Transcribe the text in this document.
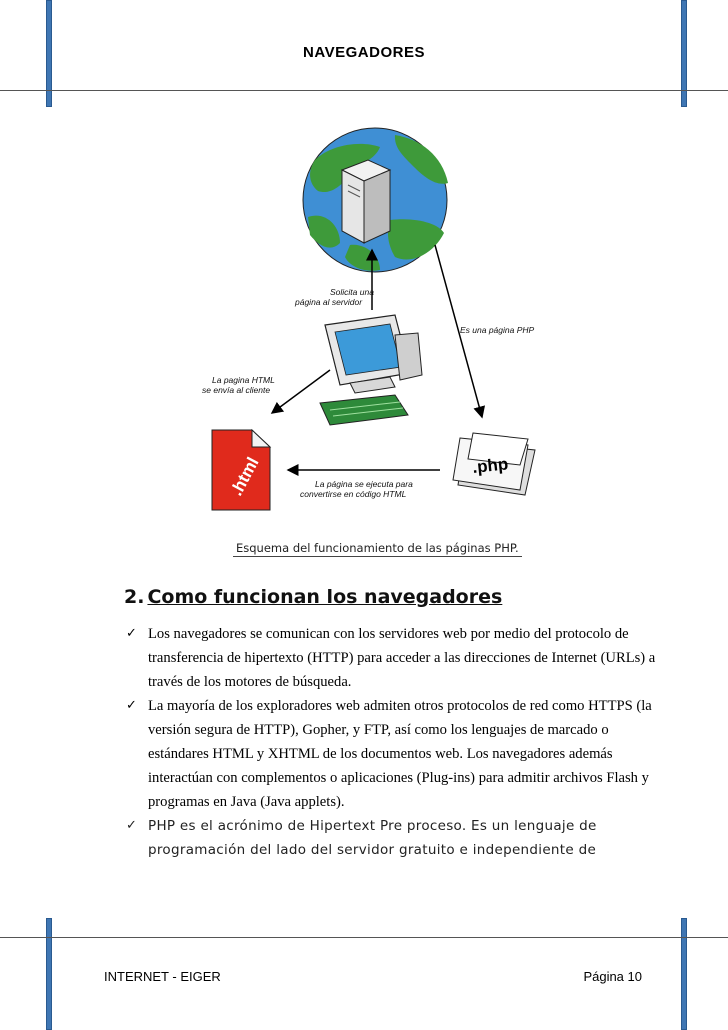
NAVEGADORES
Solicita una
página al servidor
Es una página PHP
La pagina HTML
se envía al cliente
.html	.php
La página se ejecuta para
convertirse en código HTML
Esquema del funcionamiento de las páginas PHP.
2. Como funcionan los navegadores
✓ Los navegadores se comunican con los servidores web por medio del protocolo de transferencia de hipertexto (HTTP) para acceder a las direcciones de Internet (URLs) a través de los motores de búsqueda.
✓ La mayoría de los exploradores web admiten otros protocolos de red como HTTPS (la versión segura de HTTP), Gopher, y FTP, así como los lenguajes de marcado o estándares HTML y XHTML de los documentos web. Los navegadores además interactúan con complementos o aplicaciones (Plug-ins) para admitir archivos Flash y programas en Java (Java applets).
✓ PHP es el acrónimo de Hipertext Pre proceso. Es un lenguaje de programación del lado del servidor gratuito e independiente de
INTERNET - EIGER	Página 10
